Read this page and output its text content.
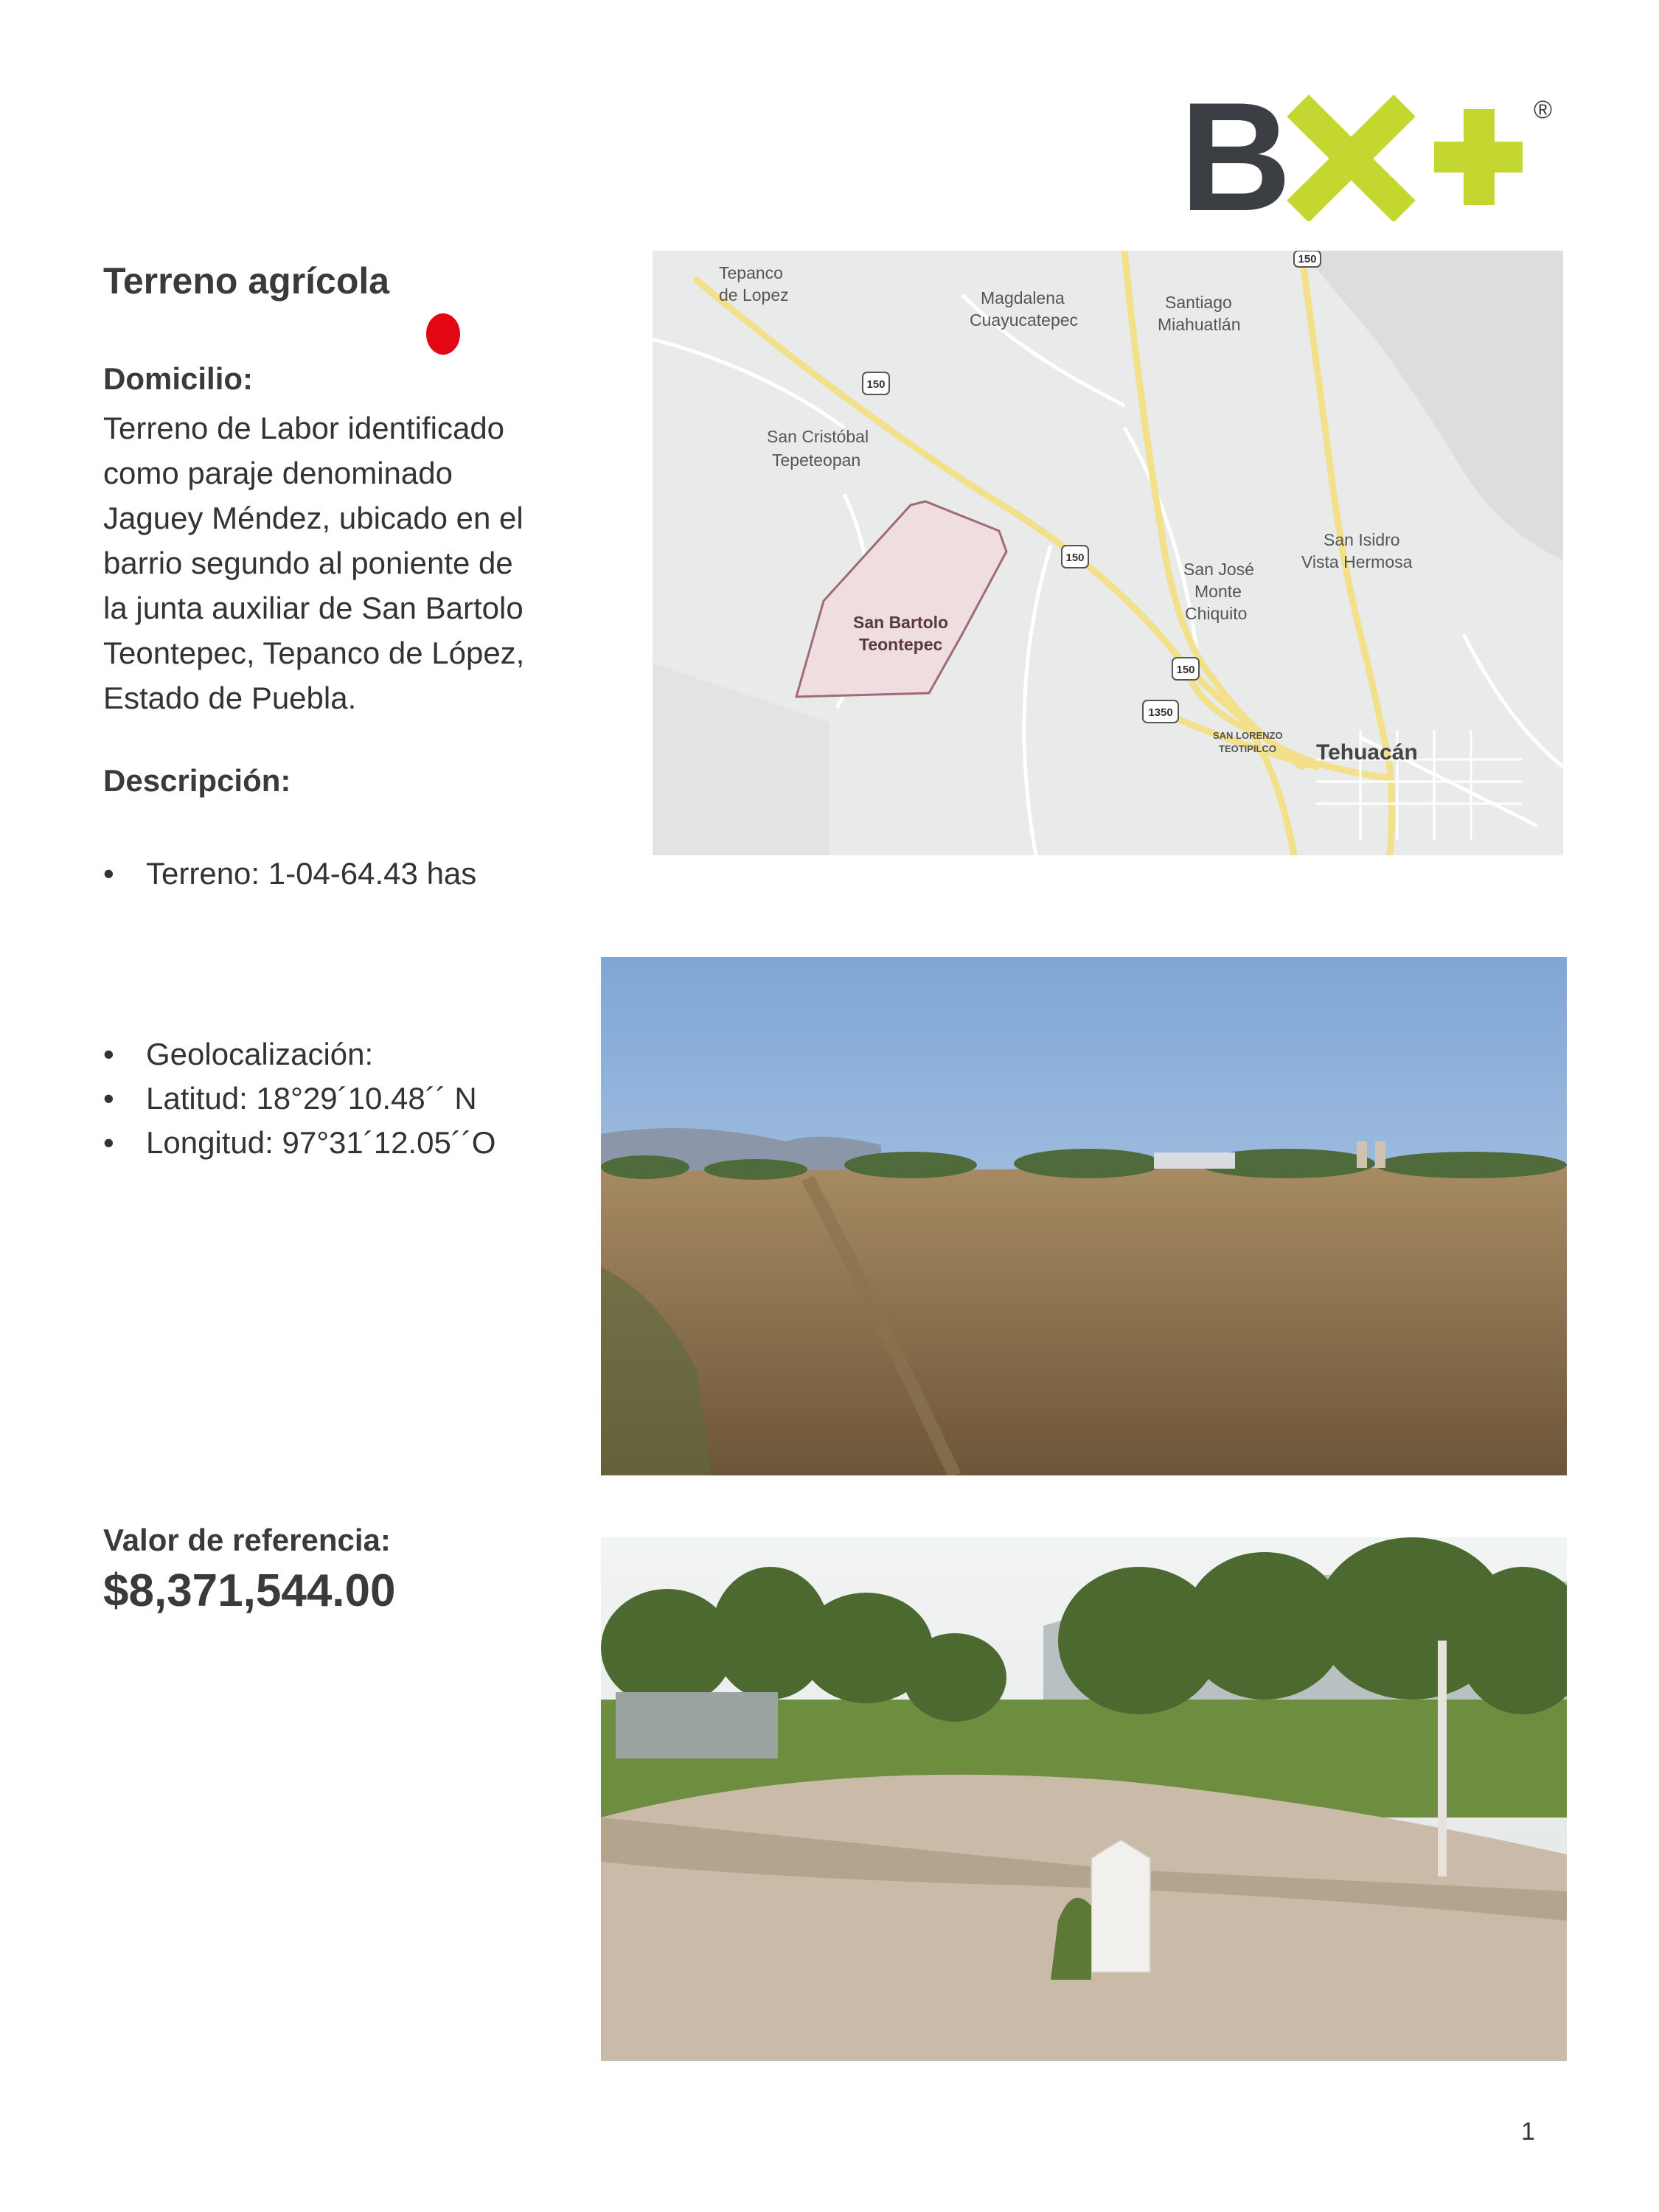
B	®
Terreno agrícola
Domicilio:
Terreno de Labor identificado
como paraje denominado
Jaguey Méndez, ubicado en el
barrio segundo al poniente de
la junta auxiliar de San Bartolo
Teontepec, Tepanco de López,
Estado de Puebla.
Descripción:
• Terreno: 1-04-64.43 has
• Geolocalización:
• Latitud: 18°29´10.48´´ N
• Longitud: 97°31´12.05´´O
Valor de referencia:
$8,371,544.00
150
150
150
150
1350
Tepanco
de Lopez	Magdalena
Cuayucatepec
Santiago
Miahuatlán
San Cristóbal
Tepeteopan
San Bartolo
Teontepec
San José
Monte
Chiquito
San Isidro
Vista Hermosa
SAN LORENZO
TEOTIPILCO Tehuacán
1
